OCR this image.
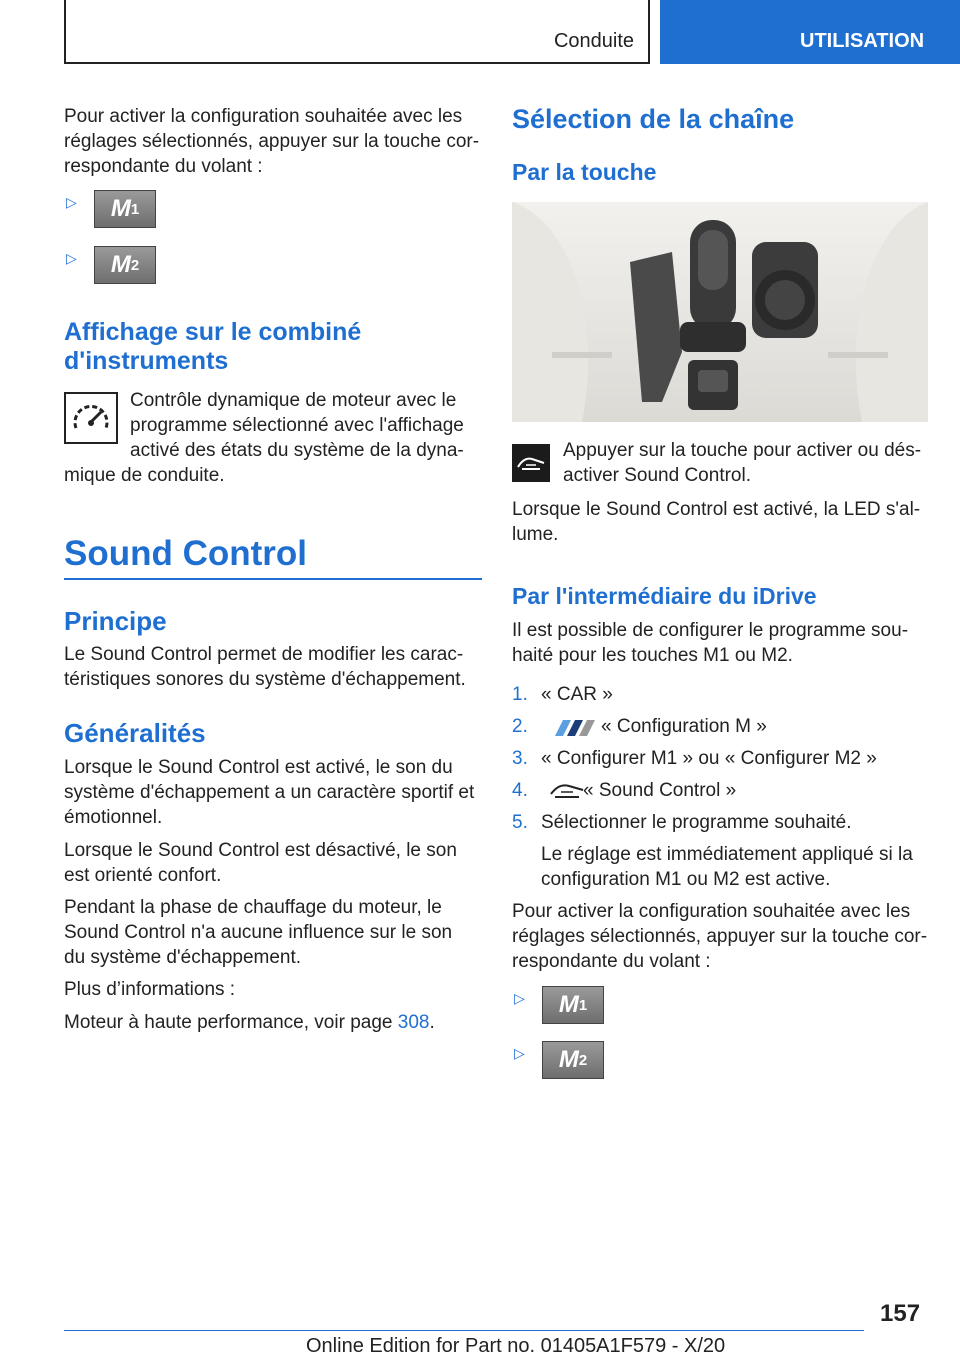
Conduite	UTILISATION

Pour activer la configuration souhaitée avec les

réglages sélectionnés, appuyer sur la touche cor-

respondante du volant :

▷ M 1
▷ M 2
Affichage sur le combiné
d'instruments

Contrôle dynamique de moteur avec le

programme sélectionné avec l'affichage

activé des états du système de la dyna-

mique de conduite.

Sound Control
Principe

Le Sound Control permet de modifier les carac-

téristiques sonores du système d'échappement.

Généralités

Lorsque le Sound Control est activé, le son du

système d'échappement a un caractère sportif et

émotionnel.

Lorsque le Sound Control est désactivé, le son

est orienté confort.

Pendant la phase de chauffage du moteur, le

Sound Control n'a aucune influence sur le son

du système d'échappement.

Plus d’informations :

Moteur à haute performance, voir page 308.

Sélection de la chaîne
Par la touche

Appuyer sur la touche pour activer ou dés-

activer Sound Control.

Lorsque le Sound Control est activé, la LED s'al-

lume.

Par l'intermédiaire du iDrive

Il est possible de configurer le programme sou-

haité pour les touches M1 ou M2.

1. « CAR »
2.	« Configuration M »
3. « Configurer M1 » ou « Configurer M2 »
4.	« Sound Control »
5. Sélectionner le programme souhaité.

Le réglage est immédiatement appliqué si la

configuration M1 ou M2 est active.

Pour activer la configuration souhaitée avec les

réglages sélectionnés, appuyer sur la touche cor-

respondante du volant :

▷ M 1
▷ M 2
157
Online Edition for Part no. 01405A1F579 - X/20
